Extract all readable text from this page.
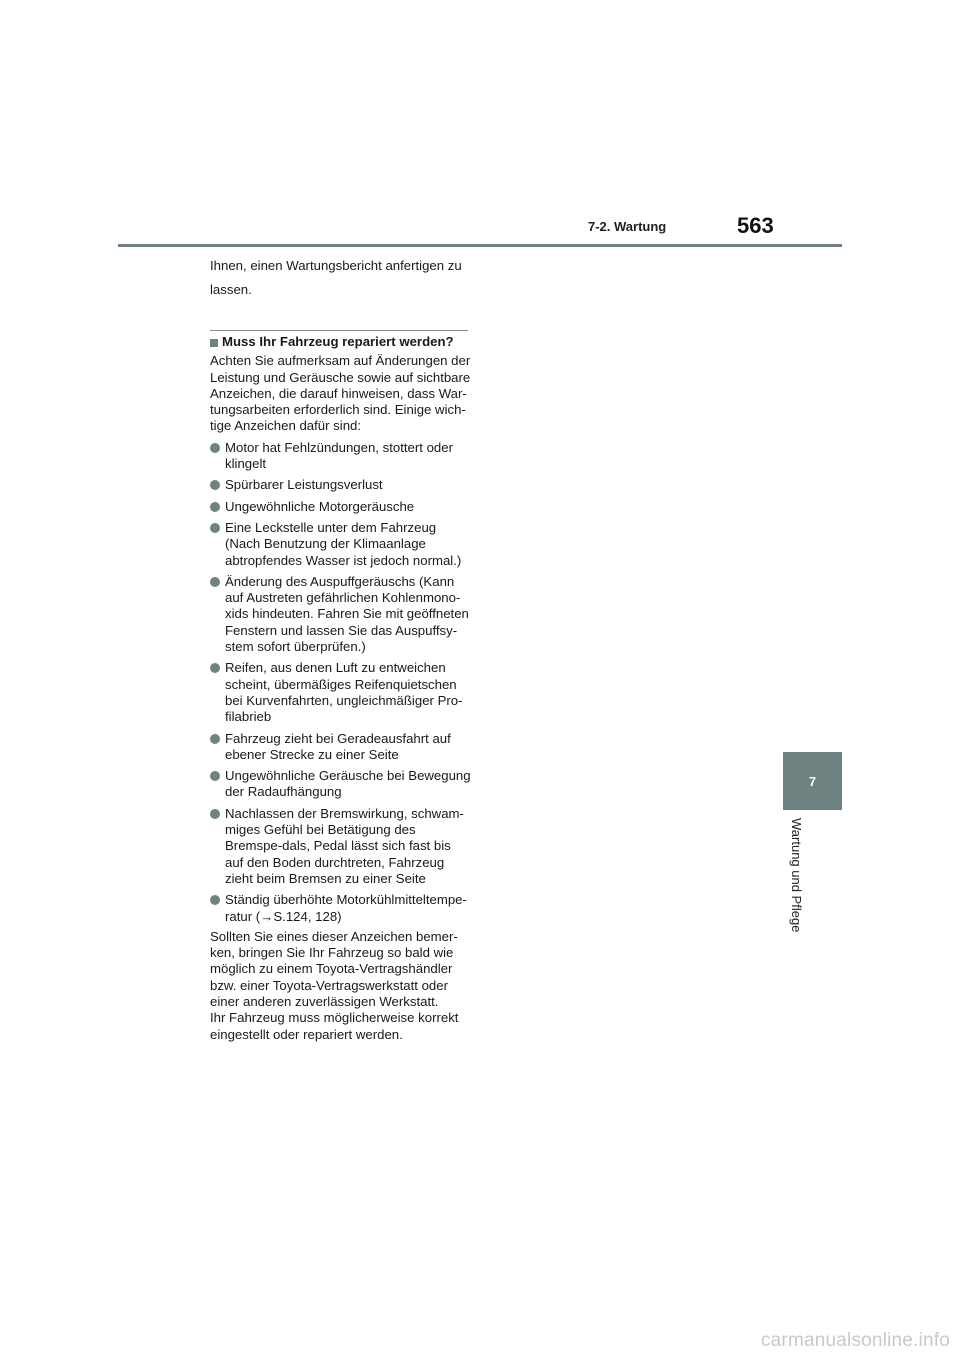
7-2. Wartung	563
7
Wartung und Pflege

Ihnen, einen Wartungsbericht anfertigen zu lassen.

Muss Ihr Fahrzeug repariert werden?

Achten Sie aufmerksam auf Änderungen der Leistung und Geräusche sowie auf sichtbare Anzeichen, die darauf hinweisen, dass War-tungsarbeiten erforderlich sind. Einige wich-tige Anzeichen dafür sind:

Motor hat Fehlzündungen, stottert oder klingelt
Spürbarer Leistungsverlust
Ungewöhnliche Motorgeräusche
Eine Leckstelle unter dem Fahrzeug (Nach Benutzung der Klimaanlage abtropfendes Wasser ist jedoch normal.)
Änderung des Auspuffgeräuschs (Kann auf Austreten gefährlichen Kohlenmono-xids hindeuten. Fahren Sie mit geöffneten Fenstern und lassen Sie das Auspuffsy-stem sofort überprüfen.)
Reifen, aus denen Luft zu entweichen scheint, übermäßiges Reifenquietschen bei Kurvenfahrten, ungleichmäßiger Pro-filabrieb
Fahrzeug zieht bei Geradeausfahrt auf ebener Strecke zu einer Seite
Ungewöhnliche Geräusche bei Bewegung der Radaufhängung
Nachlassen der Bremswirkung, schwam-miges Gefühl bei Betätigung des Bremspe-dals, Pedal lässt sich fast bis auf den Boden durchtreten, Fahrzeug zieht beim Bremsen zu einer Seite
Ständig überhöhte Motorkühlmitteltempe-ratur (→S.124, 128)

Sollten Sie eines dieser Anzeichen bemer-ken, bringen Sie Ihr Fahrzeug so bald wie möglich zu einem Toyota-Vertragshändler bzw. einer Toyota-Vertragswerkstatt oder einer anderen zuverlässigen Werkstatt.

Ihr Fahrzeug muss möglicherweise korrekt eingestellt oder repariert werden.

carmanualsonline.info
